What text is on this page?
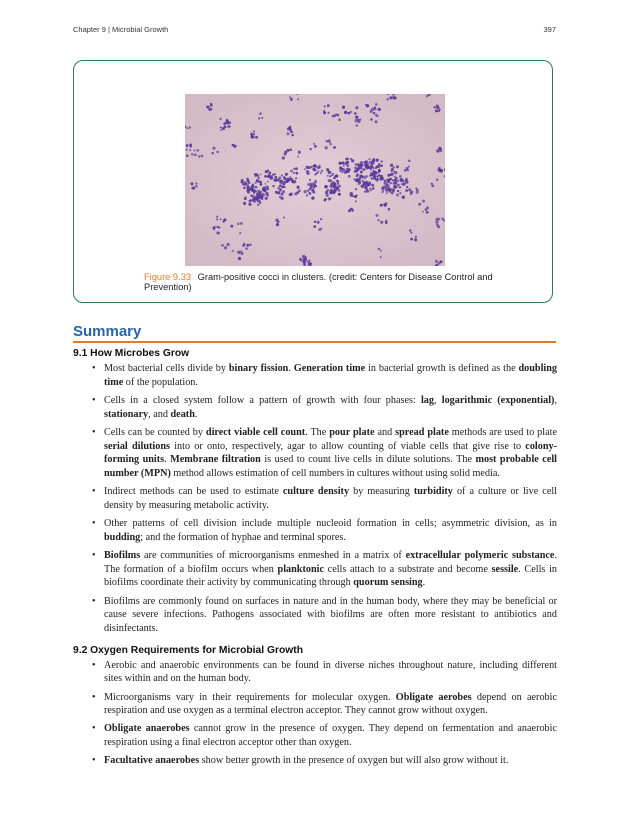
Chapter 9 | Microbial Growth	397
Figure 9.33 Gram-positive cocci in clusters. (credit: Centers for Disease Control and Prevention)
Summary
9.1 How Microbes Grow
• Most bacterial cells divide by binary fission. Generation time in bacterial growth is defined as the doubling time of the population.
• Cells in a closed system follow a pattern of growth with four phases: lag, logarithmic (exponential), stationary, and death.
• Cells can be counted by direct viable cell count. The pour plate and spread plate methods are used to plate serial dilutions into or onto, respectively, agar to allow counting of viable cells that give rise to colony-forming units. Membrane filtration is used to count live cells in dilute solutions. The most probable cell number (MPN) method allows estimation of cell numbers in cultures without using solid media.
• Indirect methods can be used to estimate culture density by measuring turbidity of a culture or live cell density by measuring metabolic activity.
• Other patterns of cell division include multiple nucleoid formation in cells; asymmetric division, as in budding; and the formation of hyphae and terminal spores.
• Biofilms are communities of microorganisms enmeshed in a matrix of extracellular polymeric substance. The formation of a biofilm occurs when planktonic cells attach to a substrate and become sessile. Cells in biofilms coordinate their activity by communicating through quorum sensing.
• Biofilms are commonly found on surfaces in nature and in the human body, where they may be beneficial or cause severe infections. Pathogens associated with biofilms are often more resistant to antibiotics and disinfectants.
9.2 Oxygen Requirements for Microbial Growth
• Aerobic and anaerobic environments can be found in diverse niches throughout nature, including different sites within and on the human body.
• Microorganisms vary in their requirements for molecular oxygen. Obligate aerobes depend on aerobic respiration and use oxygen as a terminal electron acceptor. They cannot grow without oxygen.
• Obligate anaerobes cannot grow in the presence of oxygen. They depend on fermentation and anaerobic respiration using a final electron acceptor other than oxygen.
• Facultative anaerobes show better growth in the presence of oxygen but will also grow without it.
